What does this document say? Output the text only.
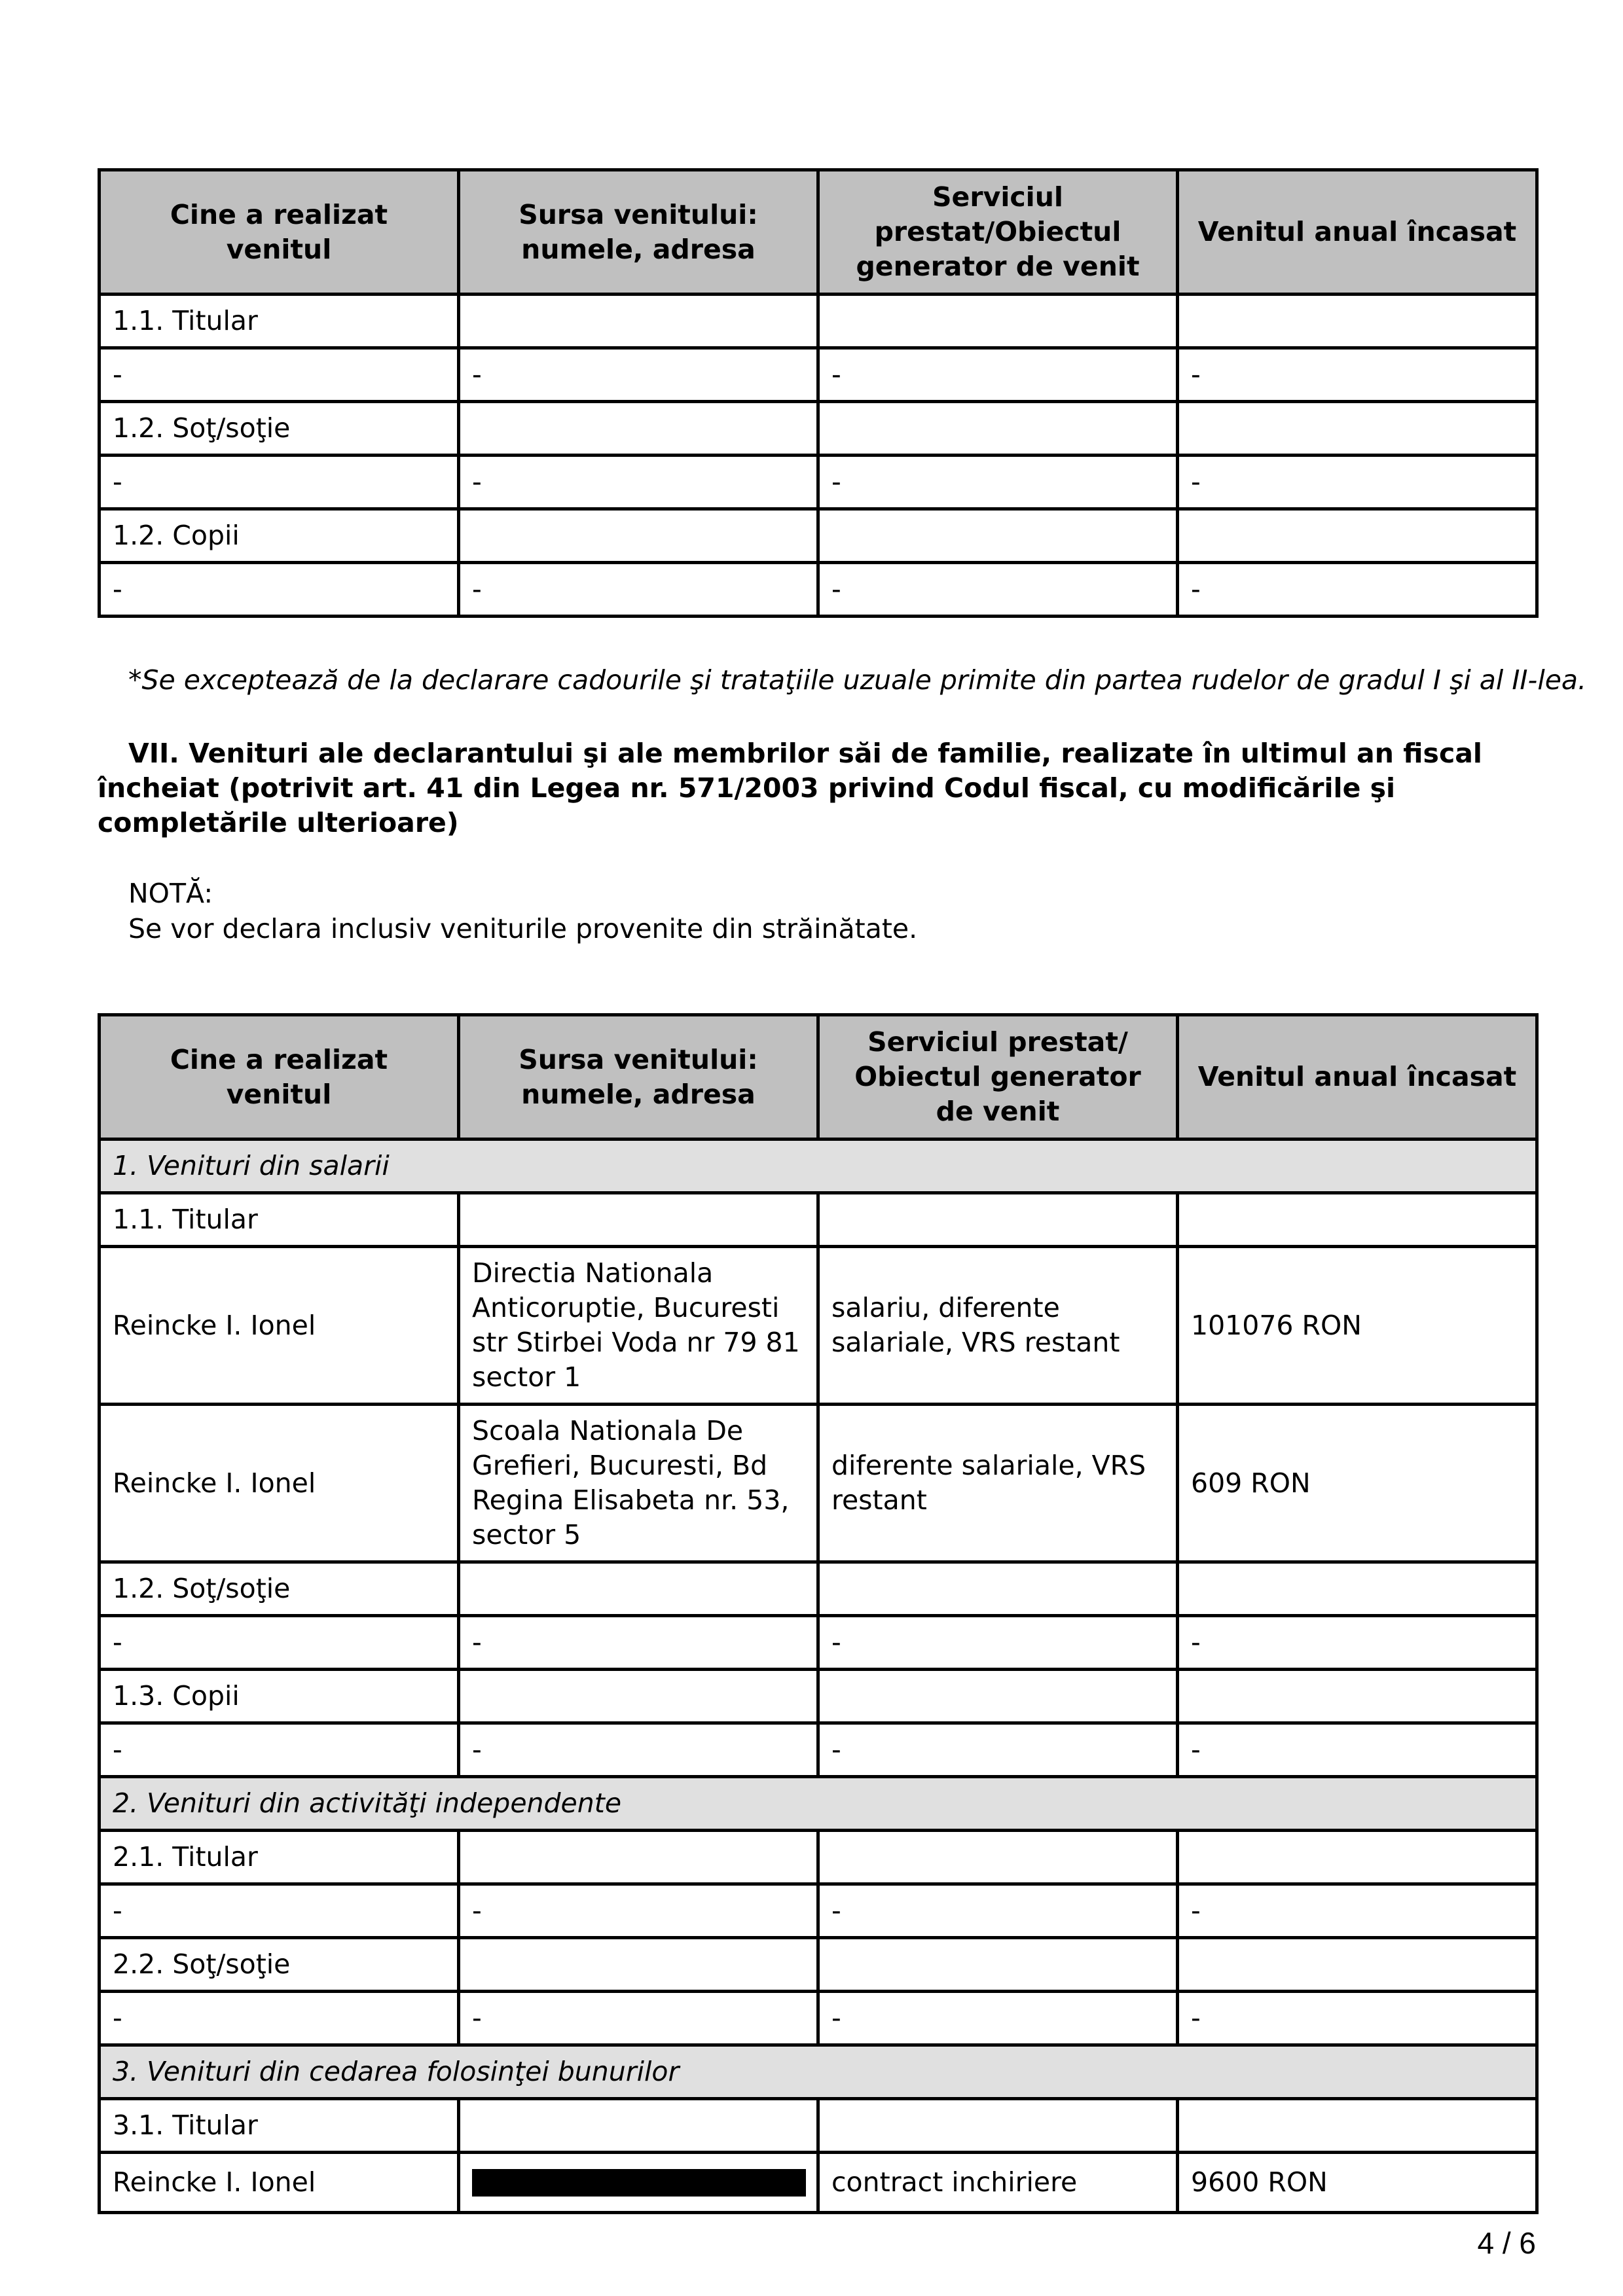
Cine a realizat venitul	Sursa venitului: numele, adresa	Serviciul prestat/Obiectul generator de venit	Venitul anual încasat
1.1. Titular			
-	-	-	-
1.2. Soţ/soţie			
-	-	-	-
1.2. Copii			
-	-	-	-
*Se exceptează de la declarare cadourile şi trataţiile uzuale primite din partea rudelor de gradul I şi al II-lea.
VII. Venituri ale declarantului şi ale membrilor săi de familie, realizate în ultimul an fiscal încheiat (potrivit art. 41 din Legea nr. 571/2003 privind Codul fiscal, cu modificările şi completările ulterioare)
NOTĂ:
Se vor declara inclusiv veniturile provenite din străinătate.
Cine a realizat venitul	Sursa venitului: numele, adresa	Serviciul prestat/ Obiectul generator de venit	Venitul anual încasat
1. Venituri din salarii			
1.1. Titular			
Reincke I. Ionel	Directia Nationala Anticoruptie, Bucuresti str Stirbei Voda nr 79 81 sector 1	salariu, diferente salariale, VRS restant	101076 RON
Reincke I. Ionel	Scoala Nationala De Grefieri, Bucuresti, Bd Regina Elisabeta nr. 53, sector 5	diferente salariale, VRS restant	609 RON
1.2. Soţ/soţie			
-	-	-	-
1.3. Copii			
-	-	-	-
2. Venituri din activităţi independente			
2.1. Titular			
-	-	-	-
2.2. Soţ/soţie			
-	-	-	-
3. Venituri din cedarea folosinţei bunurilor			
3.1. Titular			
Reincke I. Ionel		contract inchiriere	9600 RON
4 / 6
